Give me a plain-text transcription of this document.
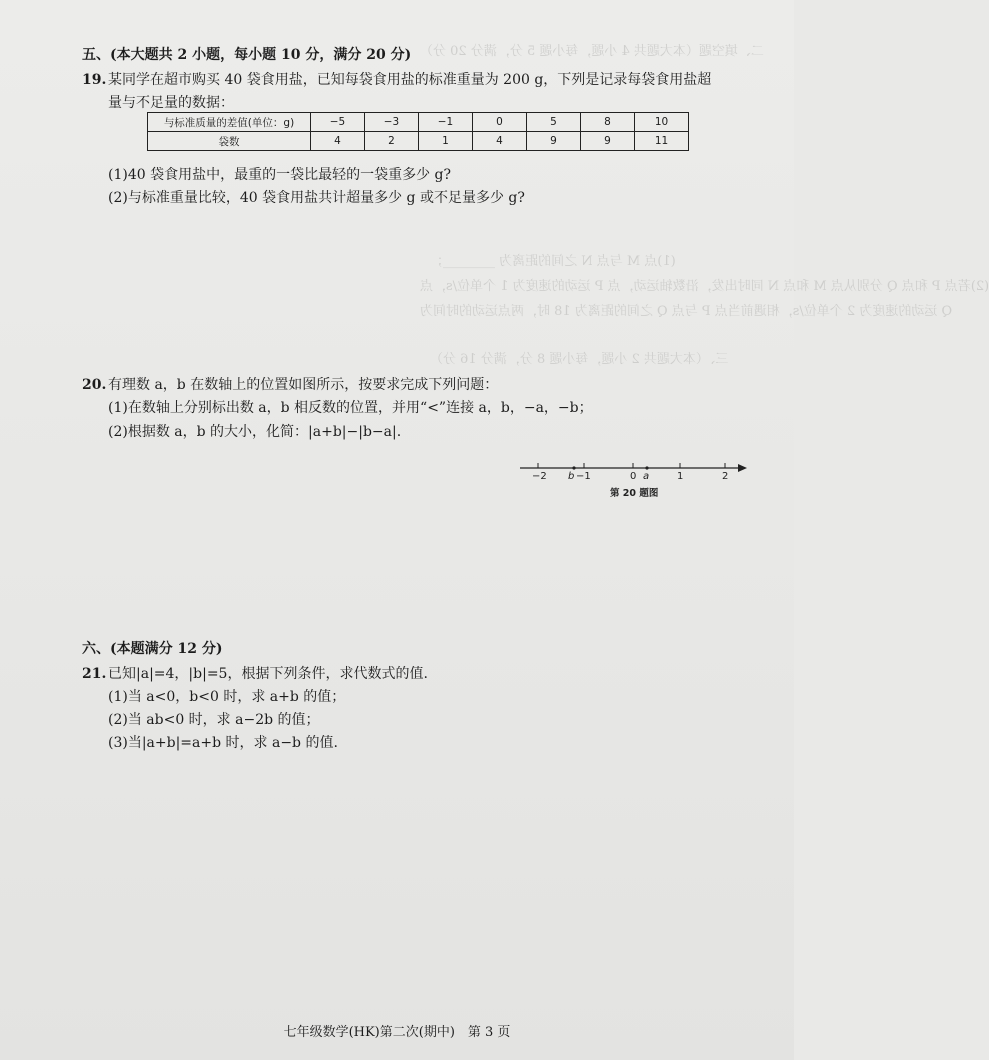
二、填空题（本大题共 4 小题，每小题 5 分，满分 20 分）
(1)点 M 与点 N 之间的距离为 ________；
(2)若点 P 和点 Q 分别从点 M 和点 N 同时出发，沿数轴运动，点 P 运动的速度为 1 个单位/s，点
Q 运动的速度为 2 个单位/s，相遇前当点 P 与点 Q 之间的距离为 18 时，两点运动的时间为
三、（本大题共 2 小题，每小题 8 分，满分 16 分）
五、(本大题共 2 小题，每小题 10 分，满分 20 分)
19. 某同学在超市购买 40 袋食用盐，已知每袋食用盐的标准重量为 200 g，下列是记录每袋食用盐超
量与不足量的数据：
与标准质量的差值(单位：g)	−5	−3	−1	0	5	8	10
袋数	4	2	1	4	9	9	11
(1)40 袋食用盐中，最重的一袋比最轻的一袋重多少 g?
(2)与标准重量比较，40 袋食用盐共计超量多少 g 或不足量多少 g?
20. 有理数 a，b 在数轴上的位置如图所示，按要求完成下列问题：
(1)在数轴上分别标出数 a，b 相反数的位置，并用“<”连接 a，b，−a，−b；
(2)根据数 a，b 的大小，化简：|a+b|−|b−a|.
−2 b −1	0 a	1	2
第 20 题图
六、(本题满分 12 分)
21. 已知|a|=4，|b|=5，根据下列条件，求代数式的值.
(1)当 a<0，b<0 时，求 a+b 的值；
(2)当 ab<0 时，求 a−2b 的值；
(3)当|a+b|=a+b 时，求 a−b 的值.
七年级数学(HK)第二次(期中)　第 3 页
